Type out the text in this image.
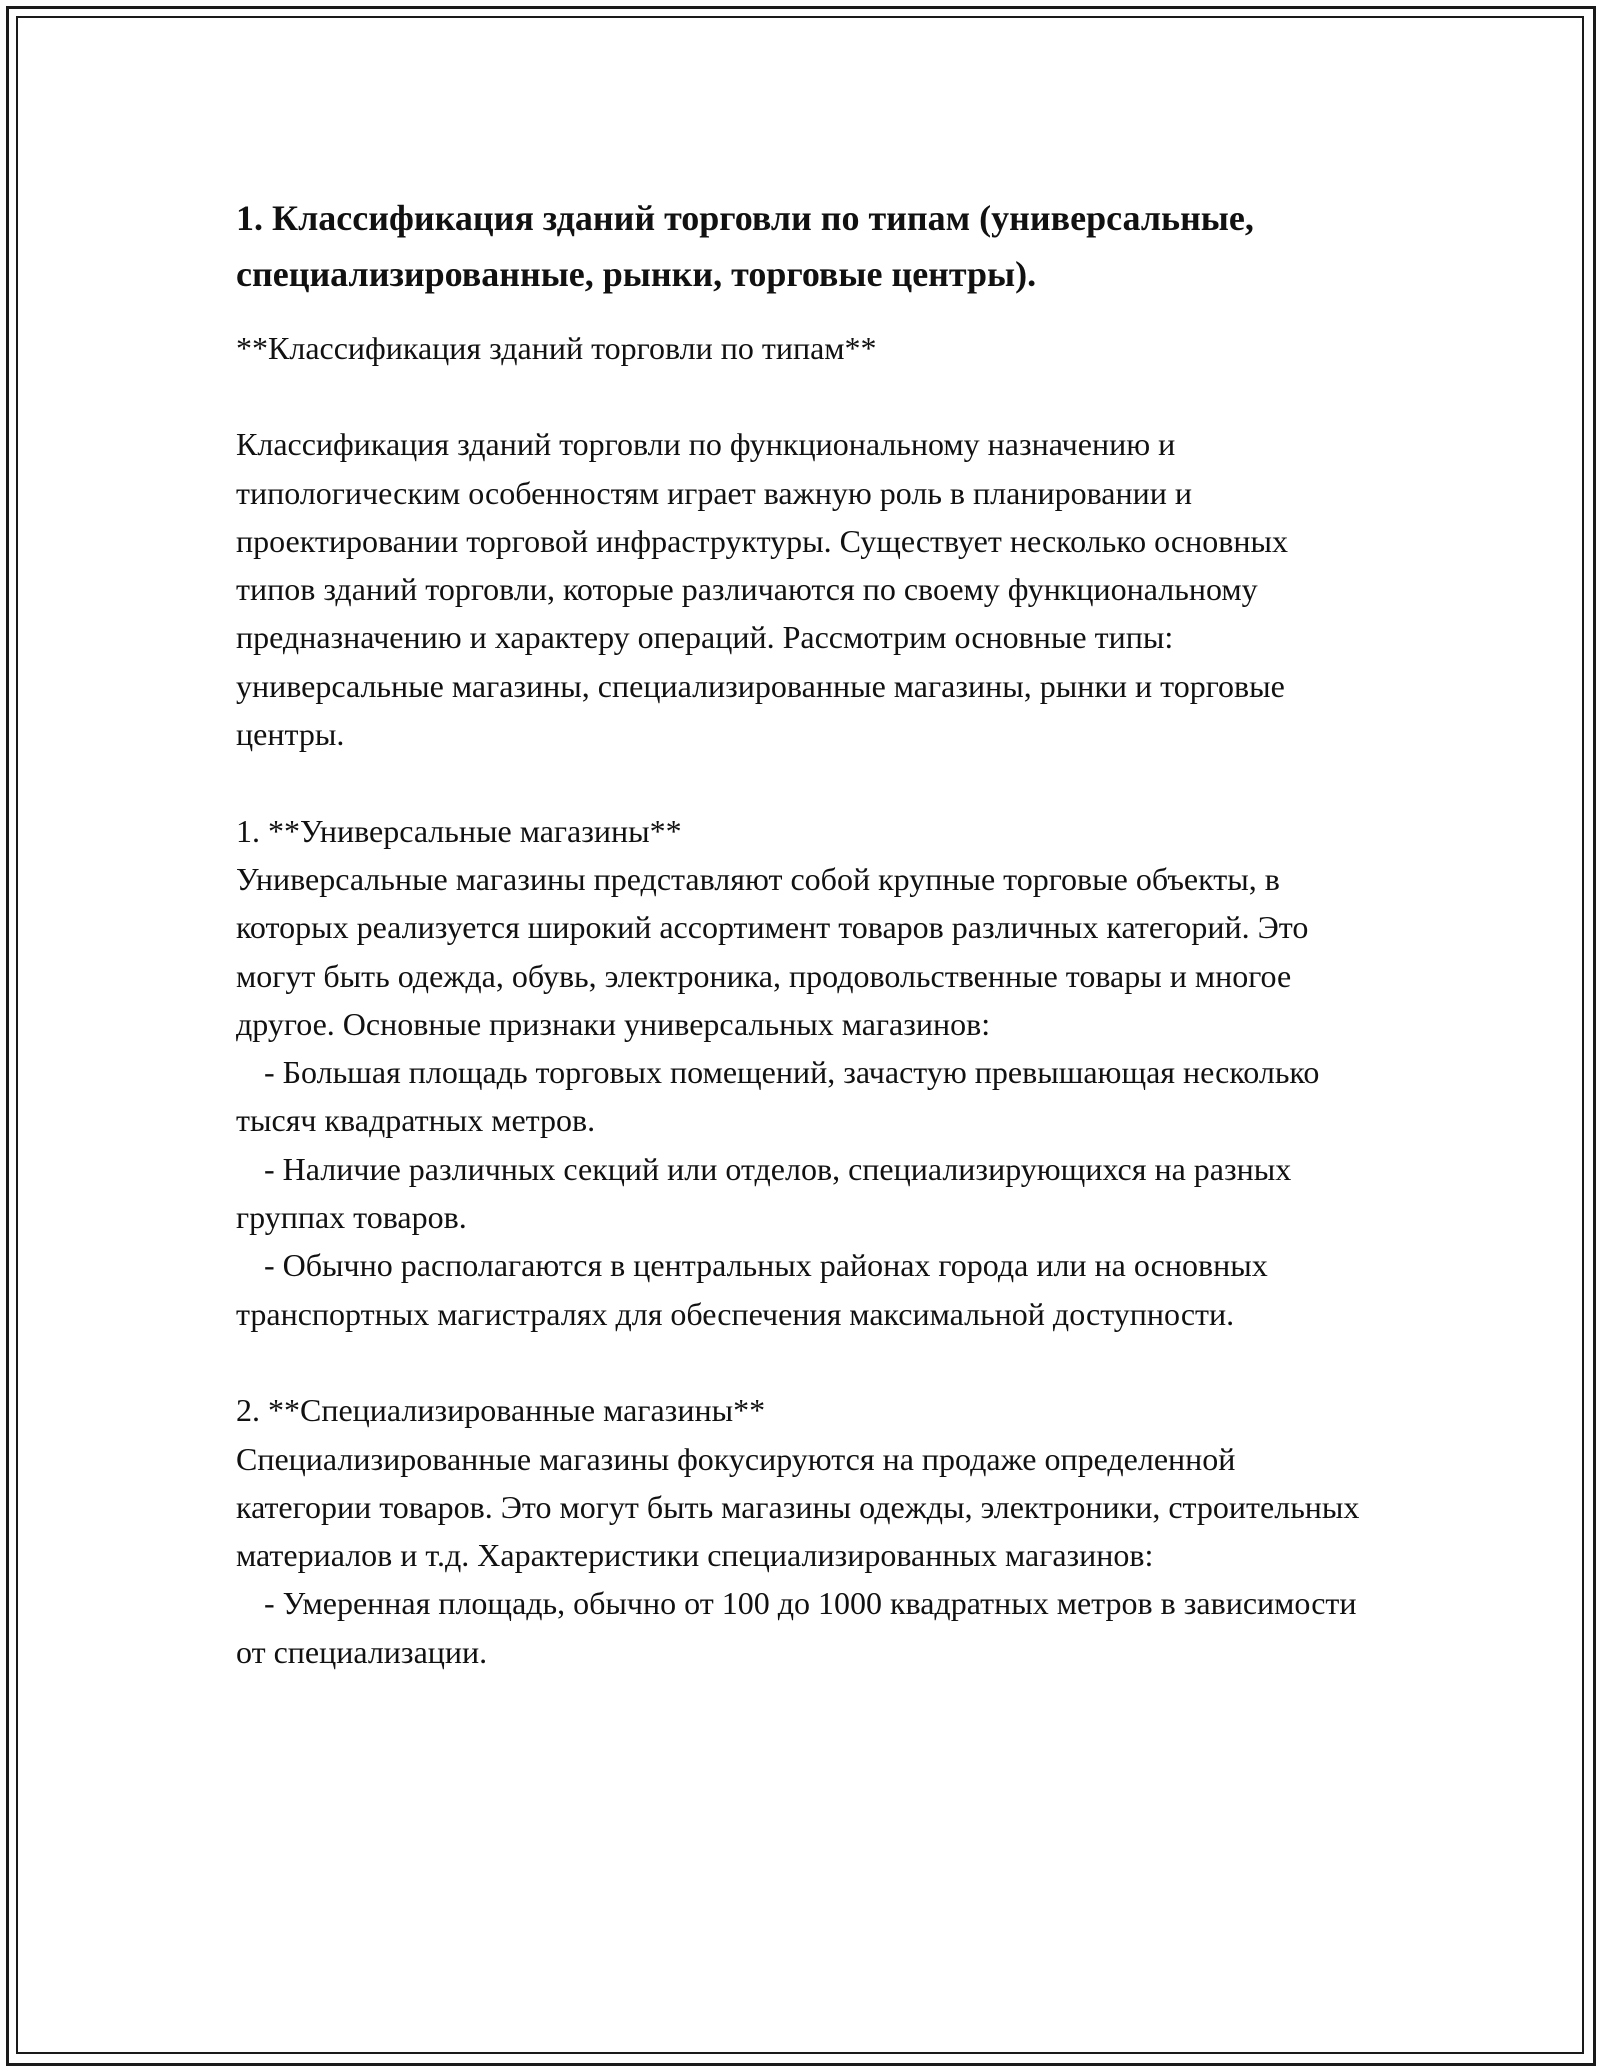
1. Классификация зданий торговли по типам (универсальные, специализированные, рынки, торговые центры).

**Классификация зданий торговли по типам**

Классификация зданий торговли по функциональному назначению и типологическим особенностям играет важную роль в планировании и проектировании торговой инфраструктуры. Существует несколько основных типов зданий торговли, которые различаются по своему функциональному предназначению и характеру операций. Рассмотрим основные типы: универсальные магазины, специализированные магазины, рынки и торговые центры.

1. **Универсальные магазины**

Универсальные магазины представляют собой крупные торговые объекты, в которых реализуется широкий ассортимент товаров различных категорий. Это могут быть одежда, обувь, электроника, продовольственные товары и многое другое. Основные признаки универсальных магазинов:

- Большая площадь торговых помещений, зачастую превышающая несколько тысяч квадратных метров.

- Наличие различных секций или отделов, специализирующихся на разных группах товаров.

- Обычно располагаются в центральных районах города или на основных транспортных магистралях для обеспечения максимальной доступности.

2. **Специализированные магазины**

Специализированные магазины фокусируются на продаже определенной категории товаров. Это могут быть магазины одежды, электроники, строительных материалов и т.д. Характеристики специализированных магазинов:

- Умеренная площадь, обычно от 100 до 1000 квадратных метров в зависимости от специализации.
